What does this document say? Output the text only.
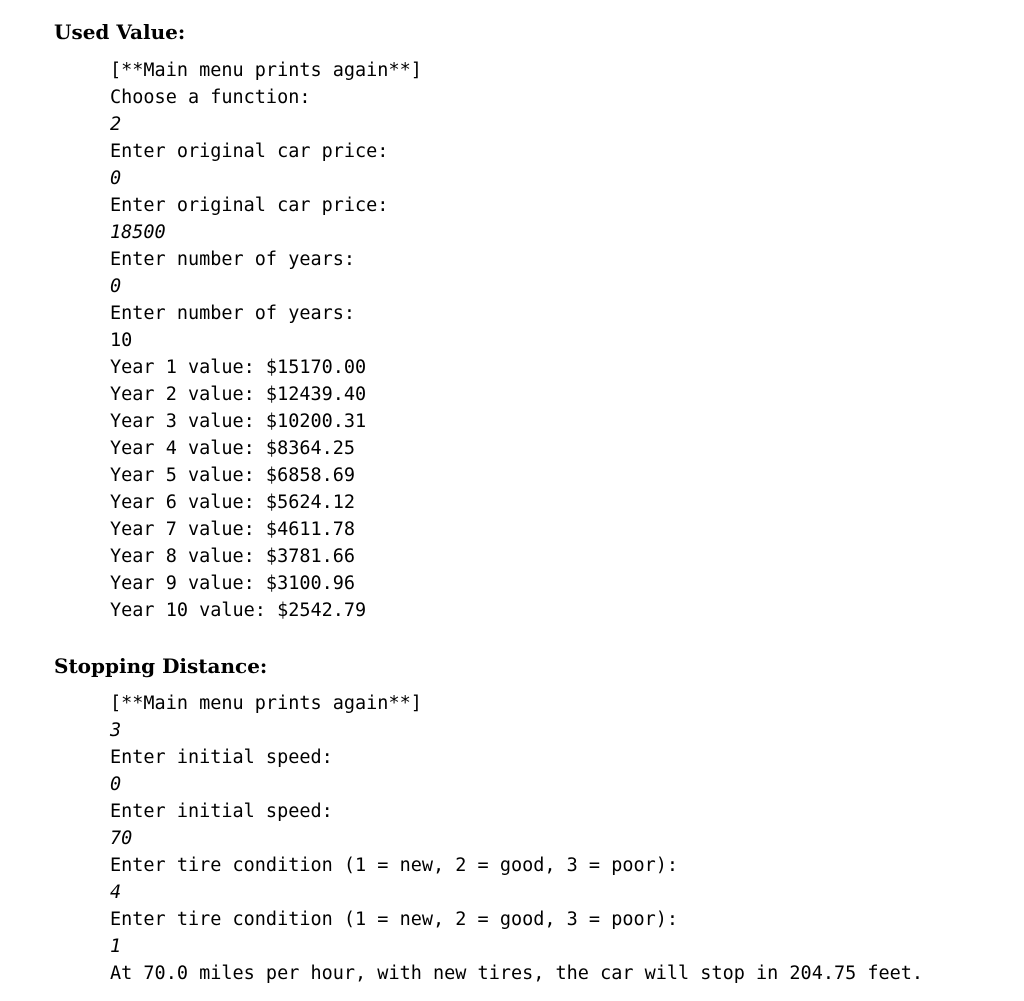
Used Value:
[**Main menu prints again**]
Choose a function:
2
Enter original car price:
0
Enter original car price:
18500
Enter number of years:
0
Enter number of years:
10
Year 1 value: $15170.00
Year 2 value: $12439.40
Year 3 value: $10200.31
Year 4 value: $8364.25
Year 5 value: $6858.69
Year 6 value: $5624.12
Year 7 value: $4611.78
Year 8 value: $3781.66
Year 9 value: $3100.96
Year 10 value: $2542.79
Stopping Distance:
[**Main menu prints again**]
3
Enter initial speed:
0
Enter initial speed:
70
Enter tire condition (1 = new, 2 = good, 3 = poor):
4
Enter tire condition (1 = new, 2 = good, 3 = poor):
1
At 70.0 miles per hour, with new tires, the car will stop in 204.75 feet.
